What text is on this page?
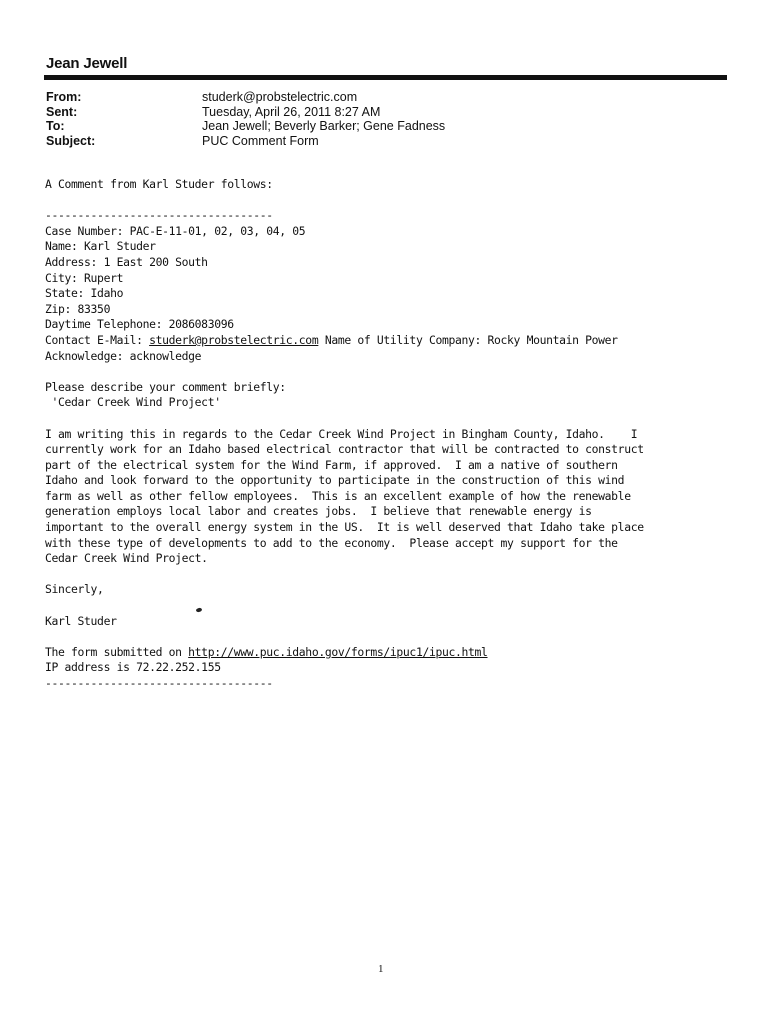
Jean Jewell
From:	studerk@probstelectric.com
Sent:	Tuesday, April 26, 2011 8:27 AM
To:	Jean Jewell; Beverly Barker; Gene Fadness
Subject:	PUC Comment Form
A Comment from Karl Studer follows:
-----------------------------------
Case Number: PAC-E-11-01, 02, 03, 04, 05
Name: Karl Studer
Address: 1 East 200 South
City: Rupert
State: Idaho
Zip: 83350
Daytime Telephone: 2086083096
Contact E-Mail: studerk@probstelectric.com Name of Utility Company: Rocky Mountain Power
Acknowledge: acknowledge
Please describe your comment briefly:
'Cedar Creek Wind Project'
I am writing this in regards to the Cedar Creek Wind Project in Bingham County, Idaho.    I
currently work for an Idaho based electrical contractor that will be contracted to construct
part of the electrical system for the Wind Farm, if approved.  I am a native of southern
Idaho and look forward to the opportunity to participate in the construction of this wind
farm as well as other fellow employees.  This is an excellent example of how the renewable
generation employs local labor and creates jobs.  I believe that renewable energy is
important to the overall energy system in the US.  It is well deserved that Idaho take place
with these type of developments to add to the economy.  Please accept my support for the
Cedar Creek Wind Project.
Sincerly,
Karl Studer
The form submitted on http://www.puc.idaho.gov/forms/ipuc1/ipuc.html
IP address is 72.22.252.155
-----------------------------------
1
